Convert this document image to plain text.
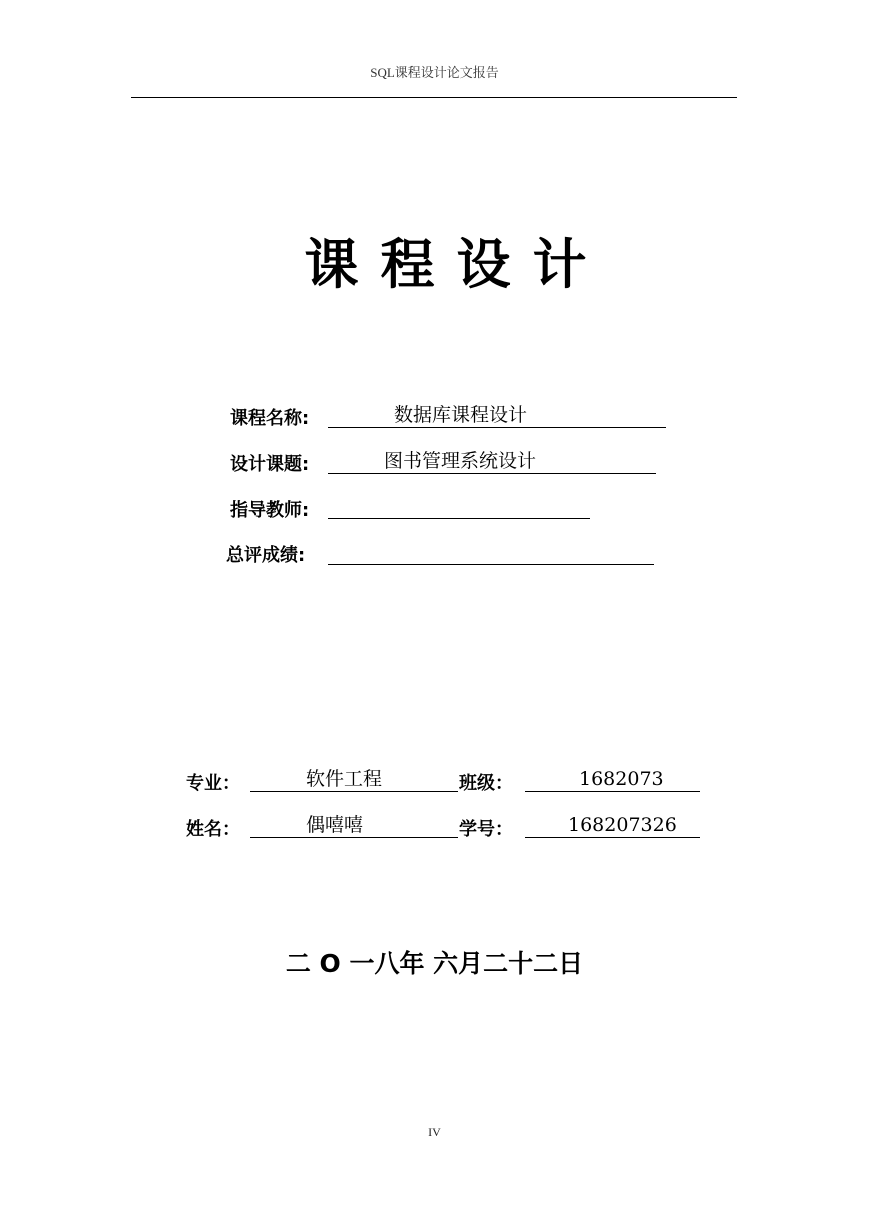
SQL课程设计论文报告
课程设计
课程名称:	数据库课程设计
设计课题:	图书管理系统设计
指导教师:
总评成绩:
专业：	软件工程	班级：	1682073
姓名：	偶嘻嘻	学号：	168207326
二 O 一八年 六月二十二日
IV
